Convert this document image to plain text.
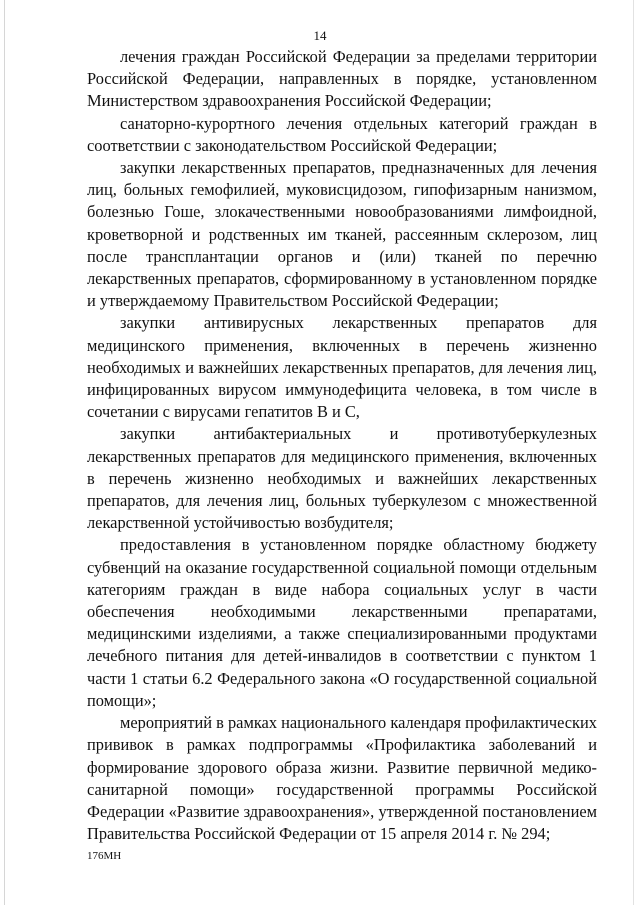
14

лечения граждан Российской Федерации за пределами территории Российской Федерации, направленных в порядке, установленном Министерством здравоохранения Российской Федерации;

санаторно-курортного лечения отдельных категорий граждан в соответствии с законодательством Российской Федерации;

закупки лекарственных препаратов, предназначенных для лечения лиц, больных гемофилией, муковисцидозом, гипофизарным нанизмом, болезнью Гоше, злокачественными новообразованиями лимфоидной, кроветворной и родственных им тканей, рассеянным склерозом, лиц после трансплантации органов и (или) тканей по перечню лекарственных препаратов, сформированному в установленном порядке и утверждаемому Правительством Российской Федерации;

закупки антивирусных лекарственных препаратов для медицинского применения, включенных в перечень жизненно необходимых и важнейших лекарственных препаратов, для лечения лиц, инфицированных вирусом иммунодефицита человека, в том числе в сочетании с вирусами гепатитов В и С,

закупки антибактериальных и противотуберкулезных лекарственных препаратов для медицинского применения, включенных в перечень жизненно необходимых и важнейших лекарственных препаратов, для лечения лиц, больных туберкулезом с множественной лекарственной устойчивостью возбудителя;

предоставления в установленном порядке областному бюджету субвенций на оказание государственной социальной помощи отдельным категориям граждан в виде набора социальных услуг в части обеспечения необходимыми лекарственными препаратами, медицинскими изделиями, а также специализированными продуктами лечебного питания для детей-инвалидов в соответствии с пунктом 1 части 1 статьи 6.2 Федерального закона «О государственной социальной помощи»;

мероприятий в рамках национального календаря профилактических прививок в рамках подпрограммы «Профилактика заболеваний и формирование здорового образа жизни. Развитие первичной медико-санитарной помощи» государственной программы Российской Федерации «Развитие здравоохранения», утвержденной постановлением Правительства Российской Федерации от 15 апреля 2014 г. № 294;

176МН
